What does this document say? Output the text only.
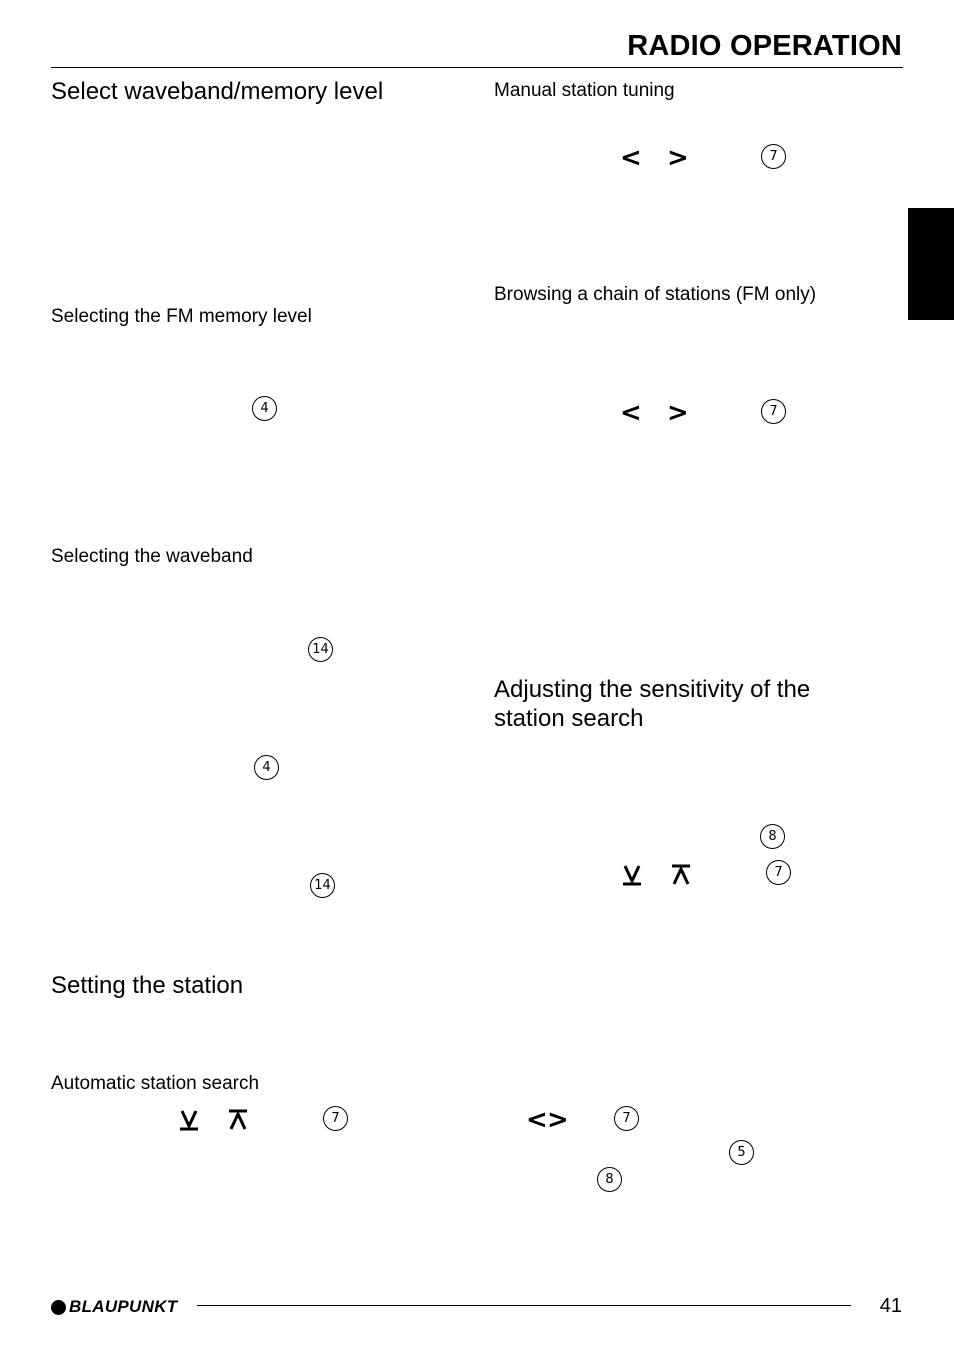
RADIO OPERATION
Select waveband/memory level
Selecting the FM memory level
4
Selecting the waveband
14
4
14
Setting the station
Automatic station search
7
Manual station tuning
< >	7
Browsing a chain of stations (FM only)
< >	7
Adjusting the sensitivity of the
station search
8
7
< >	7
5
8
BLAUPUNKT	41
